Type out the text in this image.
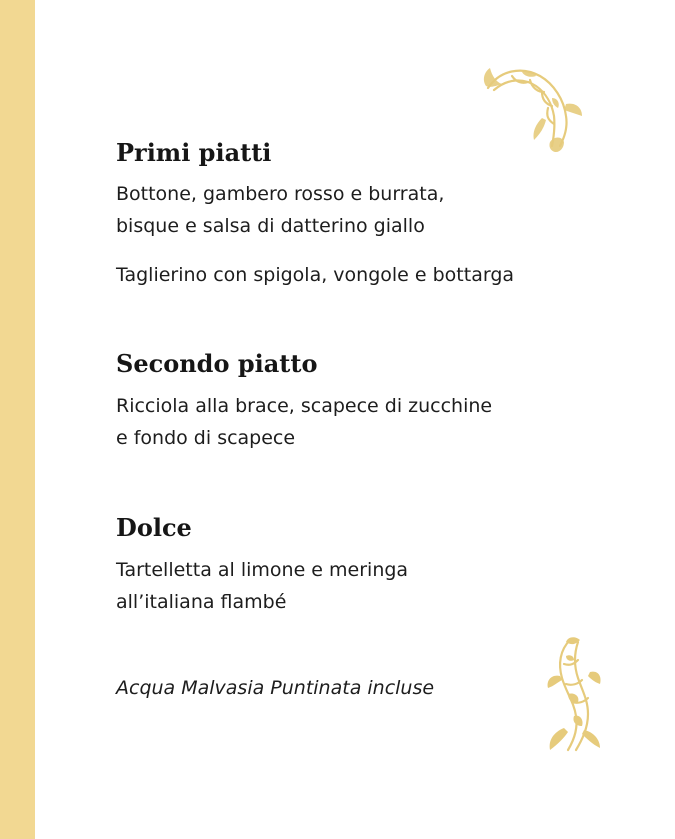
Primi piatti

Bottone, gambero rosso e burrata,

bisque e salsa di datterino giallo

Taglierino con spigola, vongole e bottarga

Secondo piatto

Ricciola alla brace, scapece di zucchine

e fondo di scapece

Dolce

Tartelletta al limone e meringa

all’italiana flambé

Acqua Malvasia Puntinata incluse
